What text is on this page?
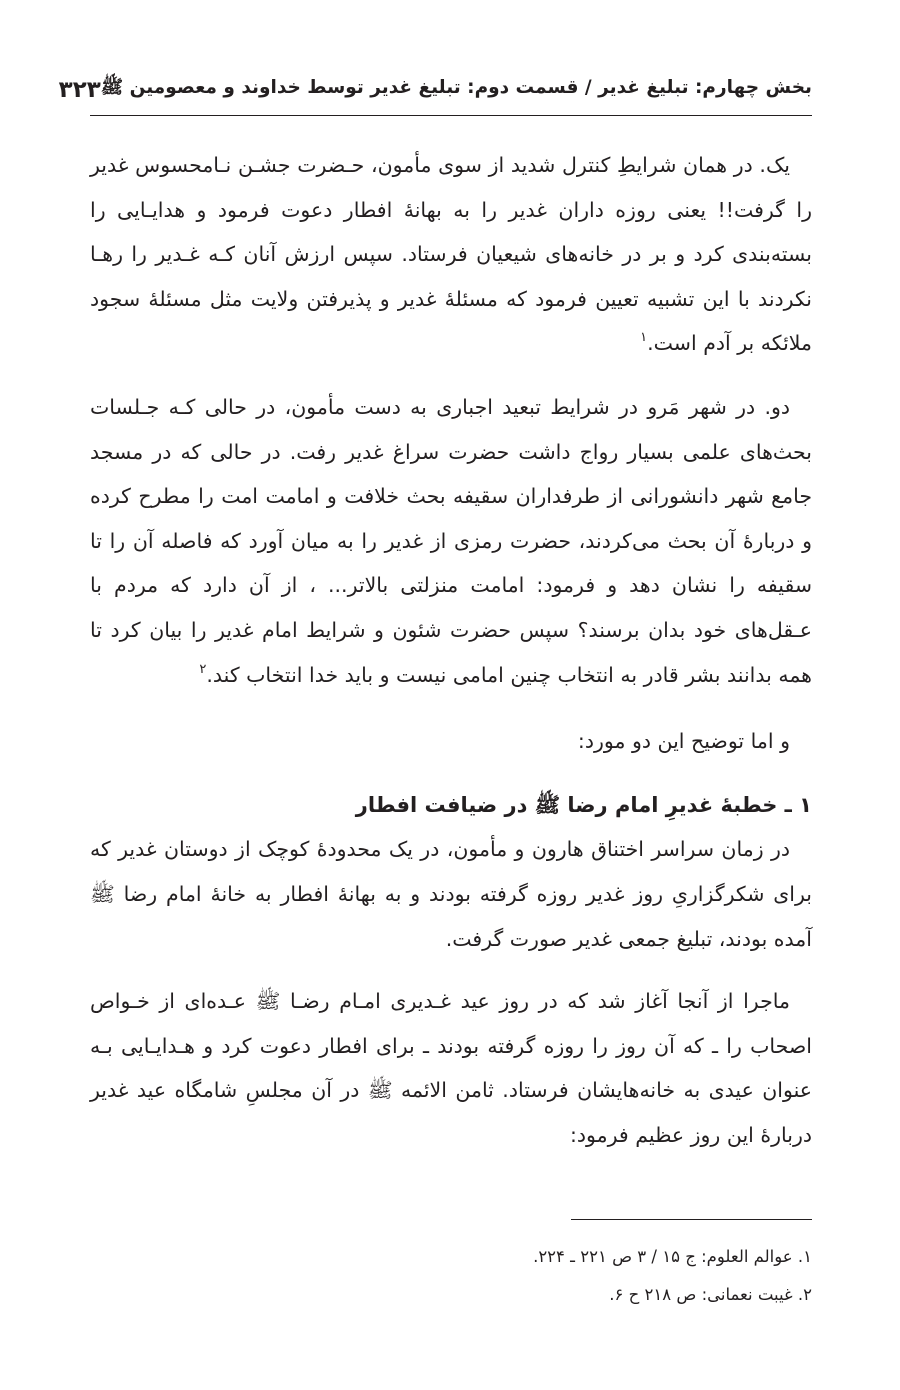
بخش چهارم: تبلیغ غدیر / قسمت دوم: تبلیغ غدیر توسط خداوند و معصومین ﷺ
۳۲۳

یک. در همان شرایطِ کنترل شدید از سوی مأمون، حـضرت جشـن نـامحسوس غدیر را گرفت!! یعنی روزه داران غدیر را به بهانهٔ افطار دعوت فرمود و هدایـایی را بسته‌بندی کرد و بر در خانه‌های شیعیان فرستاد. سپس ارزش آنان کـه غـدیر را رهـا نکردند با این تشبیه تعیین فرمود که مسئلهٔ غدیر و پذیرفتن ولایت مثل مسئلهٔ سجود ملائکه بر آدم است.$^۱$

دو. در شهر مَرو در شرایط تبعید اجباری به دست مأمون، در حالی کـه جـلسات بحث‌های علمی بسیار رواج داشت حضرت سراغ غدیر رفت. در حالی که در مسجد جامع شهر دانشورانی از طرفداران سقیفه بحث خلافت و امامت امت را مطرح کرده و دربارهٔ آن بحث می‌کردند، حضرت رمزی از غدیر را به میان آورد که فاصله آن را تا سقیفه را نشان دهد و فرمود: امامت منزلتی بالاتر... ، از آن دارد که مردم با عـقل‌های خود بدان برسند؟ سپس حضرت شئون و شرایط امام غدیر را بیان کرد تا همه بدانند بشر قادر به انتخاب چنین امامی نیست و باید خدا انتخاب کند.$^۲$

و اما توضیح این دو مورد:

۱ ـ خطبهٔ غدیرِ امام رضا ﷺ در ضیافت افطار

در زمان سراسر اختناق هارون و مأمون، در یک محدودهٔ کوچک از دوستان غدیر که برای شکرگزاریِ روز غدیر روزه گرفته بودند و به بهانهٔ افطار به خانهٔ امام رضا ﷺ آمده بودند، تبلیغ جمعی غدیر صورت گرفت.

ماجرا از آنجا آغاز شد که در روز عید غـدیری امـام رضـا ﷺ عـده‌ای از خـواص اصحاب را ـ که آن روز را روزه گرفته بودند ـ برای افطار دعوت کرد و هـدایـایی بـه عنوان عیدی به خانه‌هایشان فرستاد. ثامن الائمه ﷺ در آن مجلسِ شامگاه عید غدیر دربارهٔ این روز عظیم فرمود:

۱. عوالم العلوم: ج ۱۵ / ۳ ص ۲۲۱ ـ ۲۲۴.

۲. غیبت نعمانی: ص ۲۱۸ ح ۶.
